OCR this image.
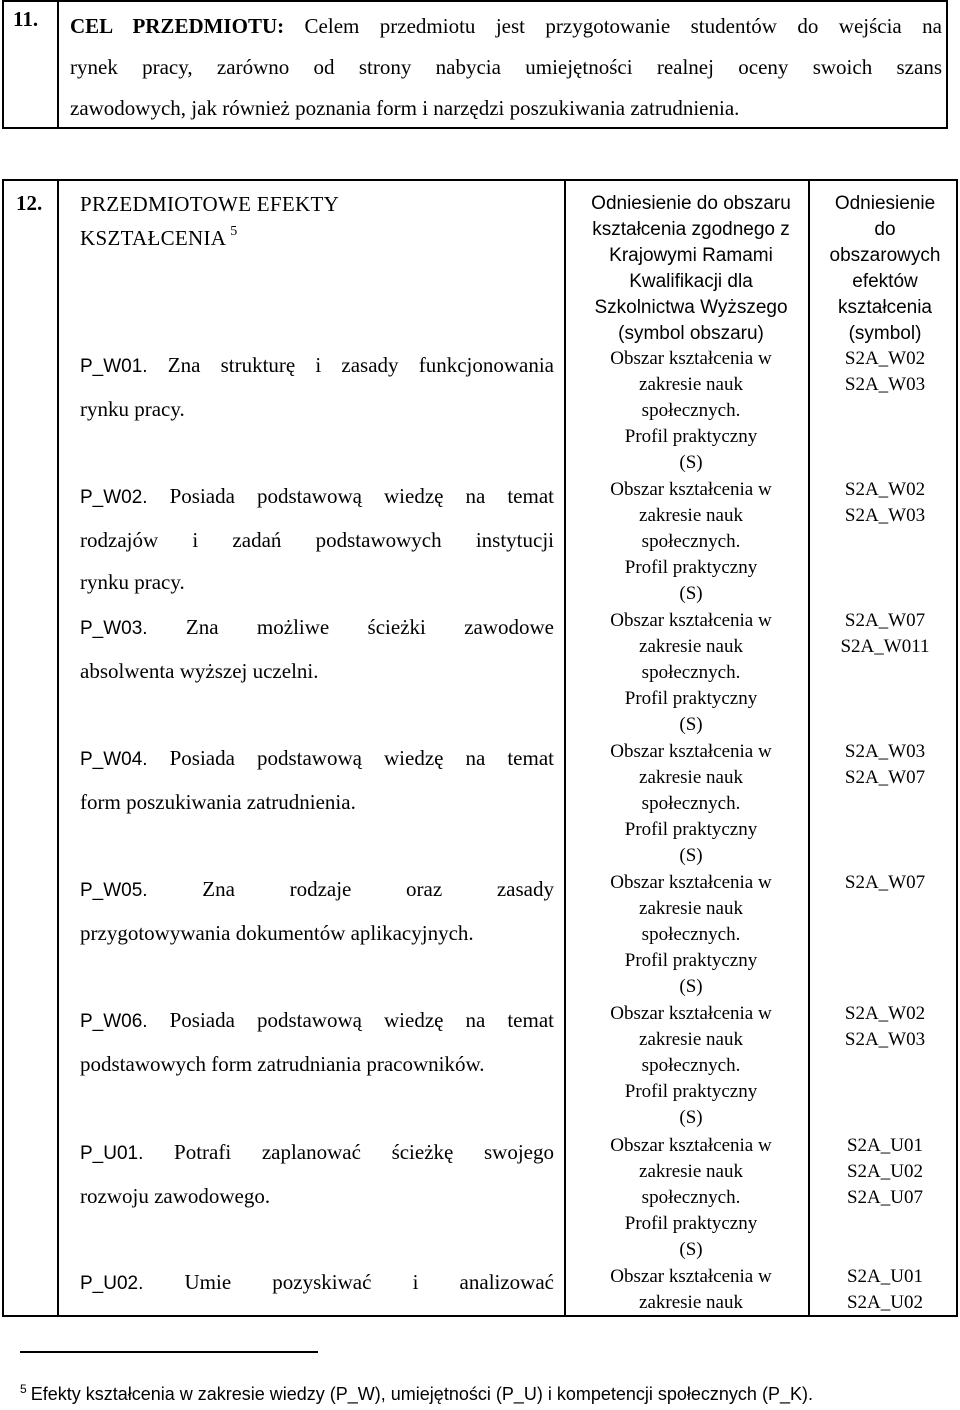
11. CEL PRZEDMIOTU: Celem przedmiotu jest przygotowanie studentów do wejścia na
rynek pracy, zarówno od strony nabycia umiejętności realnej oceny swoich szans
zawodowych, jak również poznania form i narzędzi poszukiwania zatrudnienia.
12. PRZEDMIOTOWE EFEKTY
KSZTAŁCENIA $^5$
Odniesienie do obszaru
kształcenia zgodnego z
Krajowymi Ramami
Kwalifikacji dla
Szkolnictwa Wyższego
(symbol obszaru)
Odniesienie
do
obszarowych
efektów
kształcenia
(symbol)
P_W01. Zna strukturę i zasady funkcjonowania
rynku pracy.
Obszar kształcenia w
zakresie nauk
społecznych.
Profil praktyczny
(S)
S2A_W02
S2A_W03
P_W02. Posiada podstawową wiedzę na temat
rodzajów i zadań podstawowych instytucji
rynku pracy.
Obszar kształcenia w
zakresie nauk
społecznych.
Profil praktyczny
(S)
S2A_W02
S2A_W03
P_W03. Zna możliwe ścieżki zawodowe
absolwenta wyższej uczelni.
Obszar kształcenia w
zakresie nauk
społecznych.
Profil praktyczny
(S)
S2A_W07
S2A_W011
P_W04. Posiada podstawową wiedzę na temat
form poszukiwania zatrudnienia.
Obszar kształcenia w
zakresie nauk
społecznych.
Profil praktyczny
(S)
S2A_W03
S2A_W07
P_W05. Zna rodzaje oraz zasady
przygotowywania dokumentów aplikacyjnych.
Obszar kształcenia w
zakresie nauk
społecznych.
Profil praktyczny
(S)
S2A_W07
P_W06. Posiada podstawową wiedzę na temat
podstawowych form zatrudniania pracowników.
Obszar kształcenia w
zakresie nauk
społecznych.
Profil praktyczny
(S)
S2A_W02
S2A_W03
P_U01. Potrafi zaplanować ścieżkę swojego
rozwoju zawodowego.
Obszar kształcenia w
zakresie nauk
społecznych.
Profil praktyczny
(S)
S2A_U01
S2A_U02
S2A_U07
P_U02. Umie pozyskiwać i analizować	Obszar kształcenia w
zakresie nauk
S2A_U01
S2A_U02
$^5$ Efekty kształcenia w zakresie wiedzy (P_W), umiejętności (P_U) i kompetencji społecznych (P_K).
